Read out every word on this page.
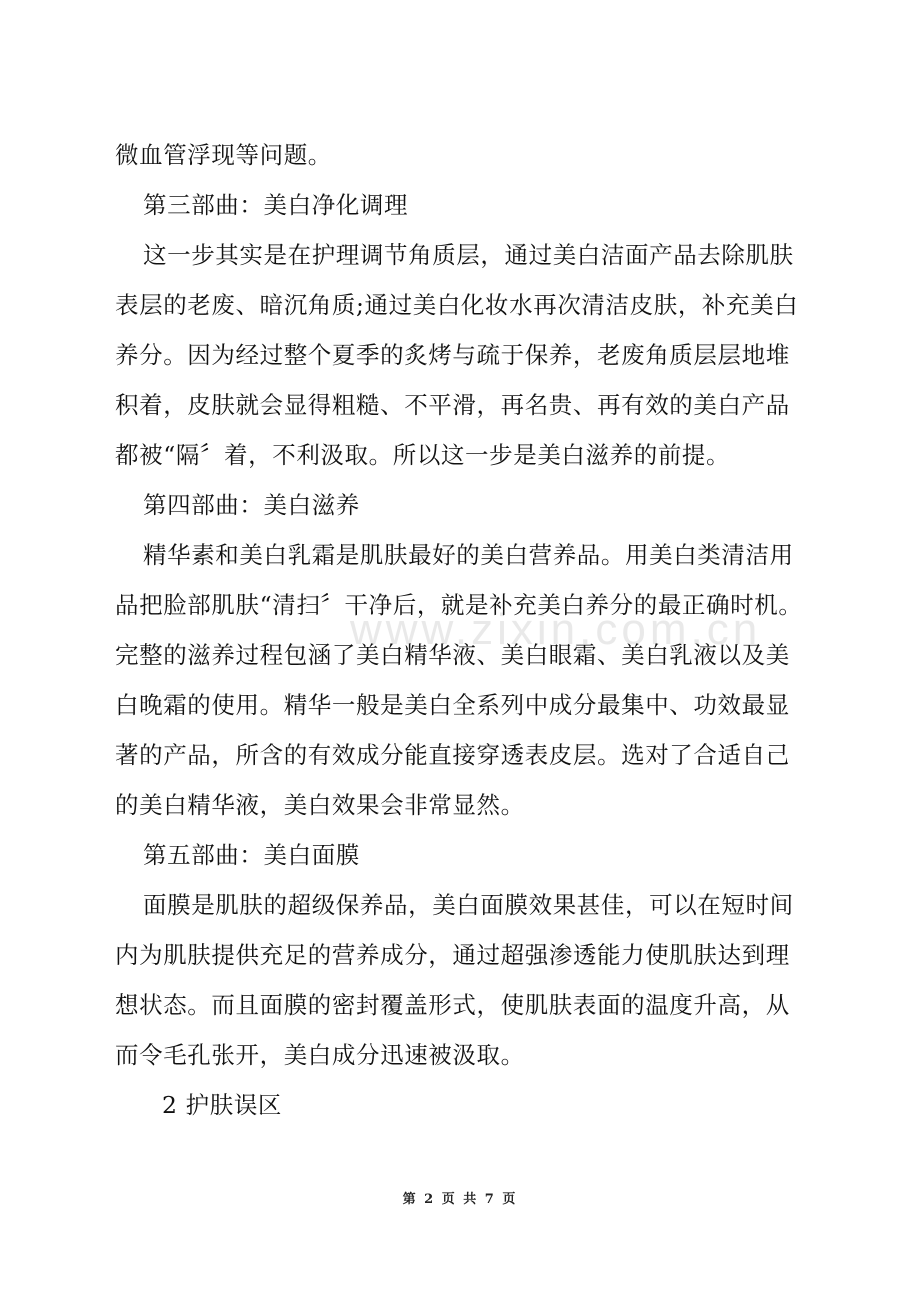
www.zixin.com.cn
微血管浮现等问题。
第三部曲：美白净化调理
这一步其实是在护理调节角质层，通过美白洁面产品去除肌肤
表层的老废、暗沉角质;通过美白化妆水再次清洁皮肤，补充美白
养分。因为经过整个夏季的炙烤与疏于保养，老废角质层层地堆
积着，皮肤就会显得粗糙、不平滑，再名贵、再有效的美白产品
都被“隔〞着，不利汲取。所以这一步是美白滋养的前提。
第四部曲：美白滋养
精华素和美白乳霜是肌肤最好的美白营养品。用美白类清洁用
品把脸部肌肤“清扫〞干净后，就是补充美白养分的最正确时机。
完整的滋养过程包涵了美白精华液、美白眼霜、美白乳液以及美
白晚霜的使用。精华一般是美白全系列中成分最集中、功效最显
著的产品，所含的有效成分能直接穿透表皮层。选对了合适自己
的美白精华液，美白效果会非常显然。
第五部曲：美白面膜
面膜是肌肤的超级保养品，美白面膜效果甚佳，可以在短时间
内为肌肤提供充足的营养成分，通过超强渗透能力使肌肤达到理
想状态。而且面膜的密封覆盖形式，使肌肤表面的温度升高，从
而令毛孔张开，美白成分迅速被汲取。
2 护肤误区
第 2 页 共 7 页
